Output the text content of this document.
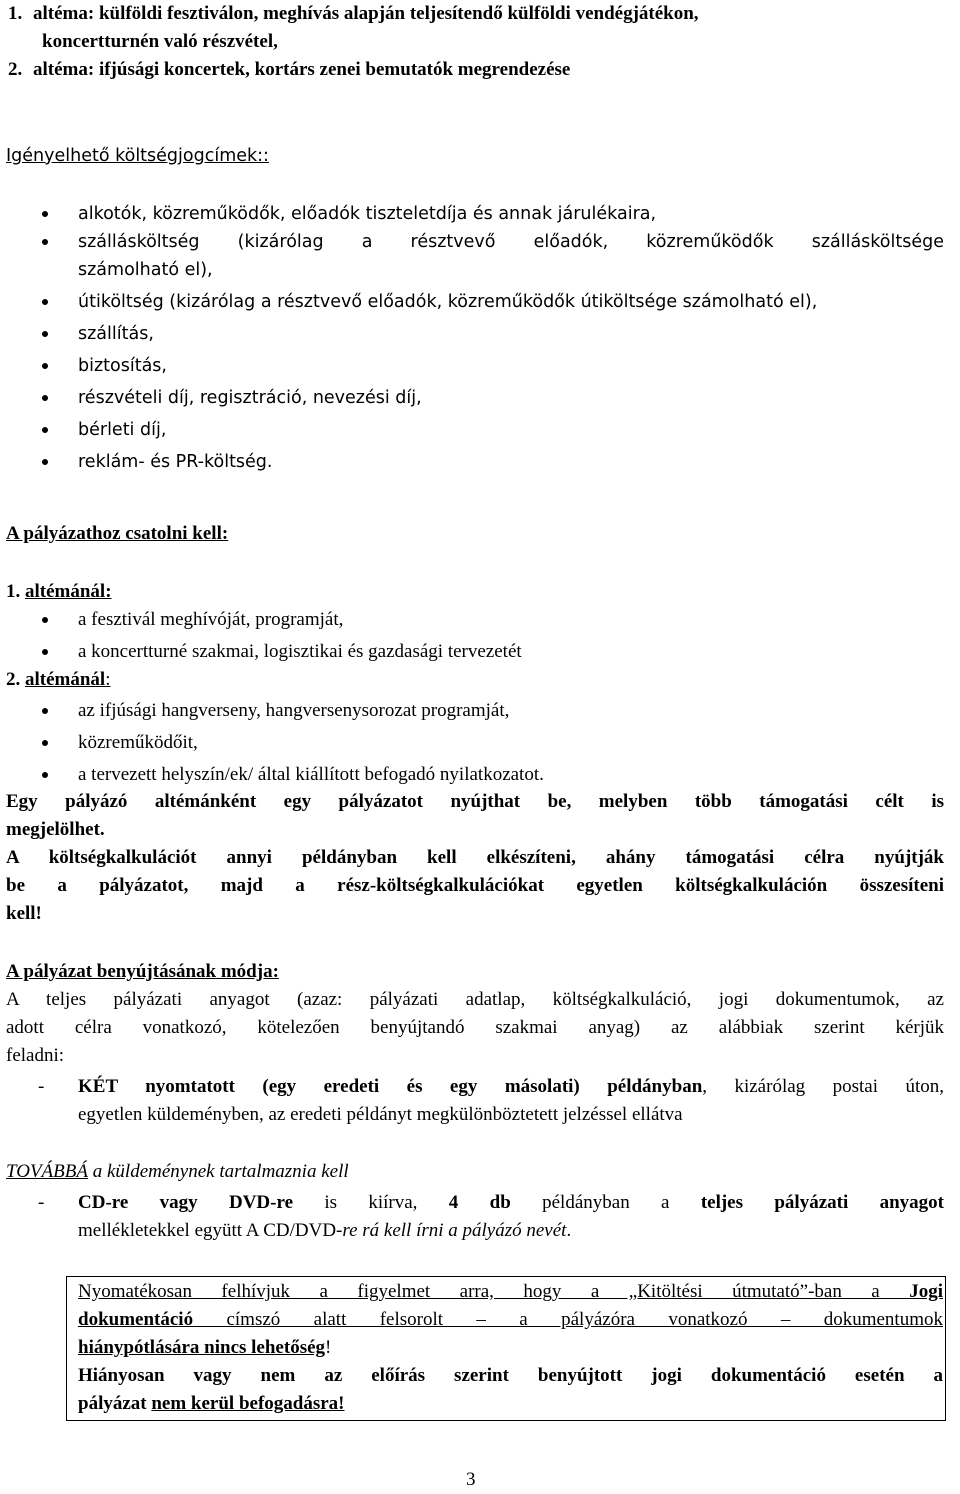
1. altéma: külföldi fesztiválon, meghívás alapján teljesítendő külföldi vendégjátékon,
koncertturnén való részvétel,
2. altéma: ifjúsági koncertek, kortárs zenei bemutatók megrendezése
Igényelhető költségjogcímek::
alkotók, közreműködők, előadók tiszteletdíja és annak járulékaira,
szállásköltség (kizárólag a résztvevő előadók, közreműködők szállásköltsége
számolható el),
útiköltség (kizárólag a résztvevő előadók, közreműködők útiköltsége számolható el),
szállítás,
biztosítás,
részvételi díj, regisztráció, nevezési díj,
bérleti díj,
reklám- és PR-költség.
A pályázathoz csatolni kell:
1. altémánál:
a fesztivál meghívóját, programját,
a koncertturné szakmai, logisztikai és gazdasági tervezetét
2. altémánál:
az ifjúsági hangverseny, hangversenysorozat programját,
közreműködőit,
a tervezett helyszín/ek/ által kiállított befogadó nyilatkozatot.
Egy pályázó altémánként egy pályázatot nyújthat be, melyben több támogatási célt is
megjelölhet.
A költségkalkulációt annyi példányban kell elkészíteni, ahány támogatási célra nyújtják
be a pályázatot, majd a rész-költségkalkulációkat egyetlen költségkalkuláción összesíteni
kell!
A pályázat benyújtásának módja:
A teljes pályázati anyagot (azaz: pályázati adatlap, költségkalkuláció, jogi dokumentumok, az
adott célra vonatkozó, kötelezően benyújtandó szakmai anyag) az alábbiak szerint kérjük
feladni:
- KÉT nyomtatott (egy eredeti és egy másolati) példányban, kizárólag postai úton,
egyetlen küldeményben, az eredeti példányt megkülönböztetett jelzéssel ellátva
TOVÁBBÁ a küldeménynek tartalmaznia kell
- CD-re vagy DVD-re is kiírva, 4 db példányban a teljes pályázati anyagot
mellékletekkel együtt A CD/DVD-re rá kell írni a pályázó nevét.
Nyomatékosan felhívjuk a figyelmet arra, hogy a „Kitöltési útmutató”-ban a Jogi
dokumentáció címszó alatt felsorolt – a pályázóra vonatkozó – dokumentumok
hiánypótlására nincs lehetőség!
Hiányosan vagy nem az előírás szerint benyújtott jogi dokumentáció esetén a
pályázat nem kerül befogadásra!
3
